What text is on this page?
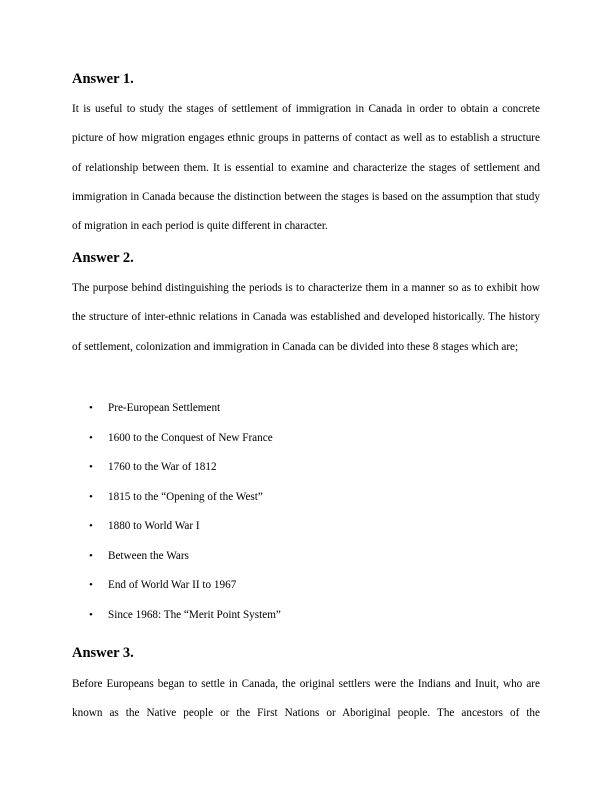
Answer 1.

It is useful to study the stages of settlement of immigration in Canada in order to obtain a concrete picture of how migration engages ethnic groups in patterns of contact as well as to establish a structure of relationship between them. It is essential to examine and characterize the stages of settlement and immigration in Canada because the distinction between the stages is based on the assumption that study of migration in each period is quite different in character.

Answer 2.

The purpose behind distinguishing the periods is to characterize them in a manner so as to exhibit how the structure of inter-ethnic relations in Canada was established and developed historically. The history of settlement, colonization and immigration in Canada can be divided into these 8 stages which are;

• Pre-European Settlement
• 1600 to the Conquest of New France
• 1760 to the War of 1812
• 1815 to the “Opening of the West”
• 1880 to World War I
• Between the Wars
• End of World War II to 1967
• Since 1968: The “Merit Point System”
Answer 3.

Before Europeans began to settle in Canada, the original settlers were the Indians and Inuit, who are known as the Native people or the First Nations or Aboriginal people. The ancestors of the
